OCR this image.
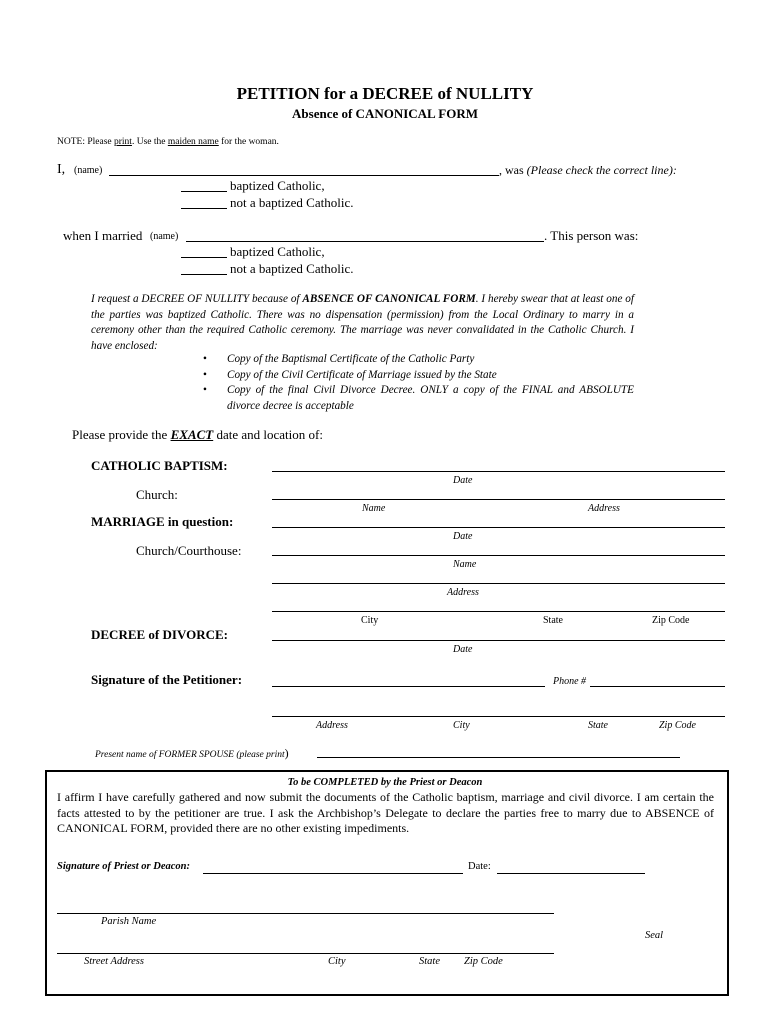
PETITION for a DECREE of NULLITY
Absence of CANONICAL FORM
NOTE: Please print. Use the maiden name for the woman.
I, (name)	, was (Please check the correct line):
baptized Catholic,
not a baptized Catholic.
when I married (name)	. This person was:
baptized Catholic,
not a baptized Catholic.
I request a DECREE OF NULLITY because of ABSENCE OF CANONICAL FORM. I hereby swear that at least one of the parties was baptized Catholic. There was no dispensation (permission) from the Local Ordinary to marry in a ceremony other than the required Catholic ceremony. The marriage was never convalidated in the Catholic Church. I have enclosed:
• Copy of the Baptismal Certificate of the Catholic Party
• Copy of the Civil Certificate of Marriage issued by the State
• Copy of the final Civil Divorce Decree. ONLY a copy of the FINAL and ABSOLUTE divorce decree is acceptable
Please provide the EXACT date and location of:
CATHOLIC BAPTISM:
Date
Church:
Name	Address
MARRIAGE in question:
Date
Church/Courthouse:
Name
Address
City	State	Zip Code
DECREE of DIVORCE:
Date
Signature of the Petitioner:	Phone #
Address	City	State	Zip Code
Present name of FORMER SPOUSE (please print)
To be COMPLETED by the Priest or Deacon
I affirm I have carefully gathered and now submit the documents of the Catholic baptism, marriage and civil divorce. I am certain the facts attested to by the petitioner are true. I ask the Archbishop’s Delegate to declare the parties free to marry due to ABSENCE of CANONICAL FORM, provided there are no other existing impediments.
Signature of Priest or Deacon:	Date:
Parish Name
Seal
Street Address	City	State Zip Code
